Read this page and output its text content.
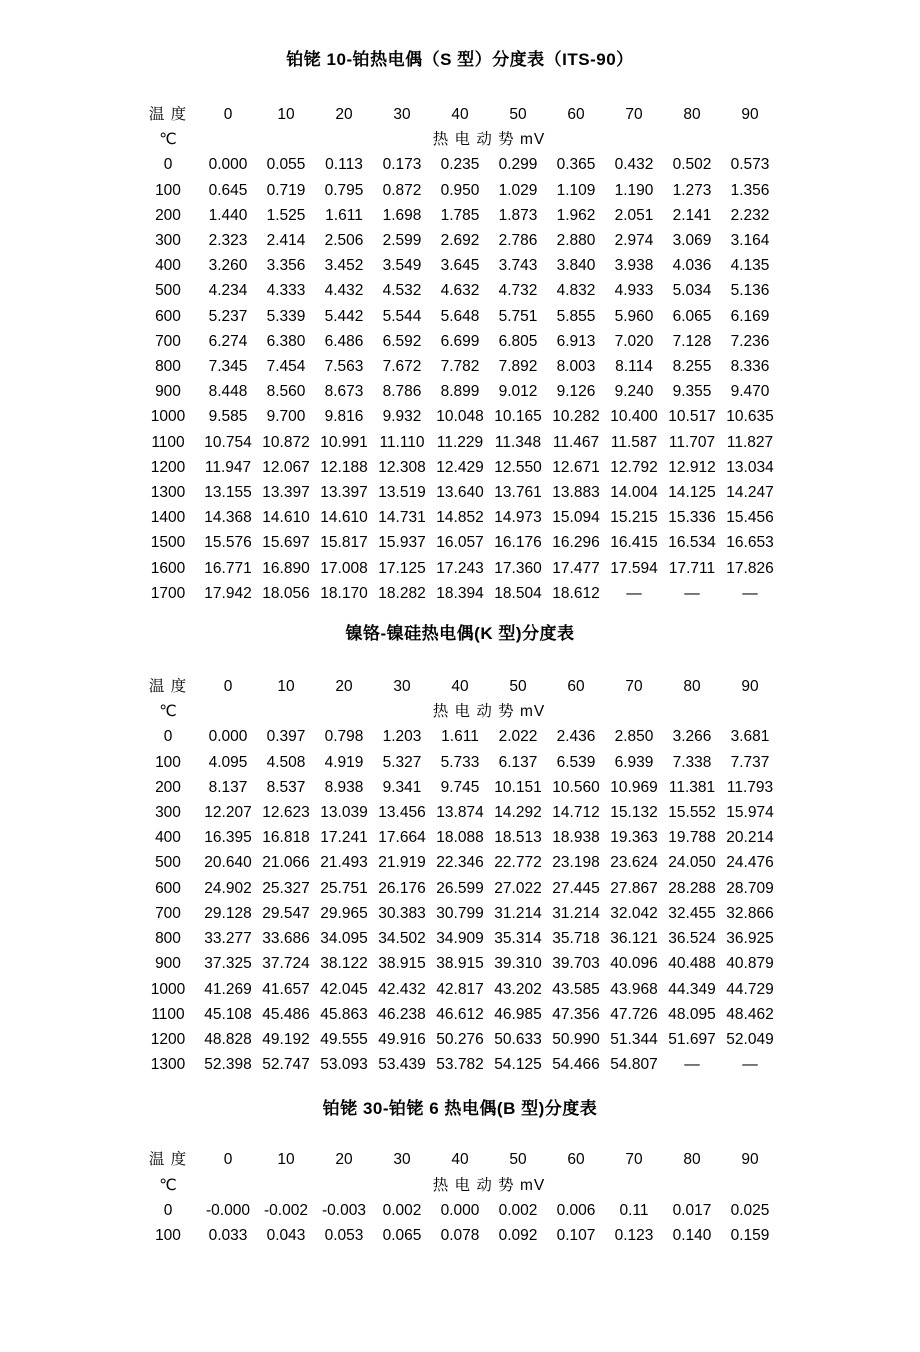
铂铑 10-铂热电偶（S 型）分度表（ITS-90）
温 度	0	10	20	30	40	50	60	70	80	90
℃	热 电 动 势 mV									
0	0.000	0.055	0.113	0.173	0.235	0.299	0.365	0.432	0.502	0.573
100	0.645	0.719	0.795	0.872	0.950	1.029	1.109	1.190	1.273	1.356
200	1.440	1.525	1.611	1.698	1.785	1.873	1.962	2.051	2.141	2.232
300	2.323	2.414	2.506	2.599	2.692	2.786	2.880	2.974	3.069	3.164
400	3.260	3.356	3.452	3.549	3.645	3.743	3.840	3.938	4.036	4.135
500	4.234	4.333	4.432	4.532	4.632	4.732	4.832	4.933	5.034	5.136
600	5.237	5.339	5.442	5.544	5.648	5.751	5.855	5.960	6.065	6.169
700	6.274	6.380	6.486	6.592	6.699	6.805	6.913	7.020	7.128	7.236
800	7.345	7.454	7.563	7.672	7.782	7.892	8.003	8.114	8.255	8.336
900	8.448	8.560	8.673	8.786	8.899	9.012	9.126	9.240	9.355	9.470
1000	9.585	9.700	9.816	9.932	10.048	10.165	10.282	10.400	10.517	10.635
1100	10.754	10.872	10.991	11.110	11.229	11.348	11.467	11.587	11.707	11.827
1200	11.947	12.067	12.188	12.308	12.429	12.550	12.671	12.792	12.912	13.034
1300	13.155	13.397	13.397	13.519	13.640	13.761	13.883	14.004	14.125	14.247
1400	14.368	14.610	14.610	14.731	14.852	14.973	15.094	15.215	15.336	15.456
1500	15.576	15.697	15.817	15.937	16.057	16.176	16.296	16.415	16.534	16.653
1600	16.771	16.890	17.008	17.125	17.243	17.360	17.477	17.594	17.711	17.826
1700	17.942	18.056	18.170	18.282	18.394	18.504	18.612	—	—	—
镍铬-镍硅热电偶(K 型)分度表
温 度	0	10	20	30	40	50	60	70	80	90
℃	热 电 动 势 mV									
0	0.000	0.397	0.798	1.203	1.611	2.022	2.436	2.850	3.266	3.681
100	4.095	4.508	4.919	5.327	5.733	6.137	6.539	6.939	7.338	7.737
200	8.137	8.537	8.938	9.341	9.745	10.151	10.560	10.969	11.381	11.793
300	12.207	12.623	13.039	13.456	13.874	14.292	14.712	15.132	15.552	15.974
400	16.395	16.818	17.241	17.664	18.088	18.513	18.938	19.363	19.788	20.214
500	20.640	21.066	21.493	21.919	22.346	22.772	23.198	23.624	24.050	24.476
600	24.902	25.327	25.751	26.176	26.599	27.022	27.445	27.867	28.288	28.709
700	29.128	29.547	29.965	30.383	30.799	31.214	31.214	32.042	32.455	32.866
800	33.277	33.686	34.095	34.502	34.909	35.314	35.718	36.121	36.524	36.925
900	37.325	37.724	38.122	38.915	38.915	39.310	39.703	40.096	40.488	40.879
1000	41.269	41.657	42.045	42.432	42.817	43.202	43.585	43.968	44.349	44.729
1100	45.108	45.486	45.863	46.238	46.612	46.985	47.356	47.726	48.095	48.462
1200	48.828	49.192	49.555	49.916	50.276	50.633	50.990	51.344	51.697	52.049
1300	52.398	52.747	53.093	53.439	53.782	54.125	54.466	54.807	—	—
铂铑 30-铂铑 6 热电偶(B 型)分度表
温 度	0	10	20	30	40	50	60	70	80	90
℃	热 电 动 势 mV									
0	-0.000	-0.002	-0.003	0.002	0.000	0.002	0.006	0.11	0.017	0.025
100	0.033	0.043	0.053	0.065	0.078	0.092	0.107	0.123	0.140	0.159
